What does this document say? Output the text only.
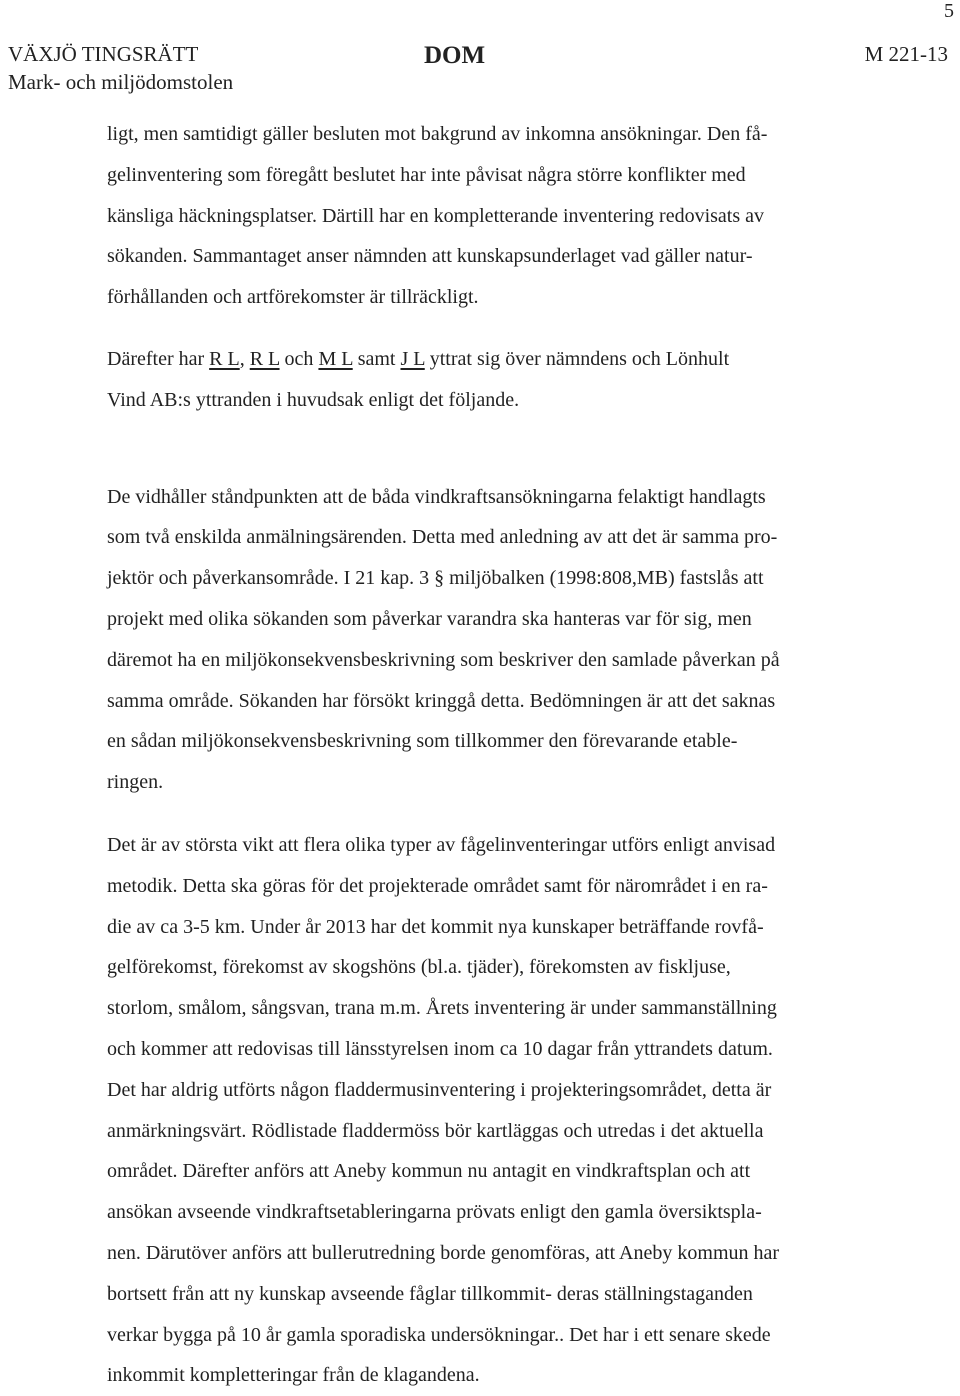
5
VÄXJÖ TINGSRÄTT
Mark- och miljödomstolen
DOM	M 221-13

ligt, men samtidigt gäller besluten mot bakgrund av inkomna ansökningar. Den få-

gelinventering som föregått beslutet har inte påvisat några större konflikter med

känsliga häckningsplatser. Därtill har en kompletterande inventering redovisats av

sökanden. Sammantaget anser nämnden att kunskapsunderlaget vad gäller natur-

förhållanden och artförekomster är tillräckligt.

Därefter har R L, R L och M L samt J L yttrat sig över nämndens och Lönhult

Vind AB:s yttranden i huvudsak enligt det följande.

De vidhåller ståndpunkten att de båda vindkraftsansökningarna felaktigt handlagts

som två enskilda anmälningsärenden. Detta med anledning av att det är samma pro-

jektör och påverkansområde. I 21 kap. 3 § miljöbalken (1998:808,MB) fastslås att

projekt med olika sökanden som påverkar varandra ska hanteras var för sig, men

däremot ha en miljökonsekvensbeskrivning som beskriver den samlade påverkan på

samma område. Sökanden har försökt kringgå detta. Bedömningen är att det saknas

en sådan miljökonsekvensbeskrivning som tillkommer den förevarande etable-

ringen.

Det är av största vikt att flera olika typer av fågelinventeringar utförs enligt anvisad

metodik. Detta ska göras för det projekterade området samt för närområdet i en ra-

die av ca 3-5 km. Under år 2013 har det kommit nya kunskaper beträffande rovfå-

gelförekomst, förekomst av skogshöns (bl.a. tjäder), förekomsten av fiskljuse,

storlom, smålom, sångsvan, trana m.m. Årets inventering är under sammanställning

och kommer att redovisas till länsstyrelsen inom ca 10 dagar från yttrandets datum.

Det har aldrig utförts någon fladdermusinventering i projekteringsområdet, detta är

anmärkningsvärt. Rödlistade fladdermöss bör kartläggas och utredas i det aktuella

området. Därefter anförs att Aneby kommun nu antagit en vindkraftsplan och att

ansökan avseende vindkraftsetableringarna prövats enligt den gamla översiktspla-

nen. Därutöver anförs att bullerutredning borde genomföras, att Aneby kommun har

bortsett från att ny kunskap avseende fåglar tillkommit- deras ställningstaganden

verkar bygga på 10 år gamla sporadiska undersökningar.. Det har i ett senare skede

inkommit kompletteringar från de klagandena.
